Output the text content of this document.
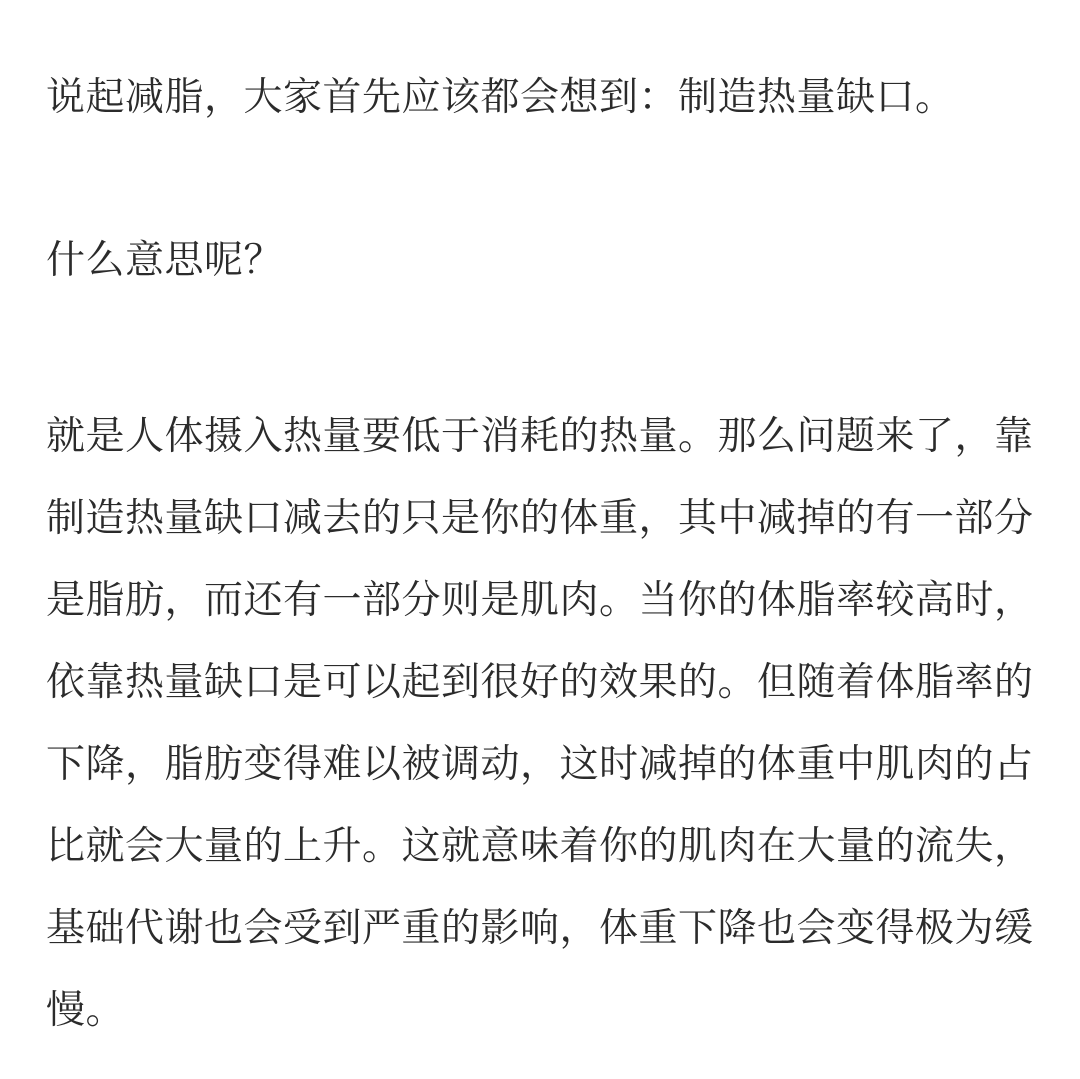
说起减脂，大家首先应该都会想到：制造热量缺口。

什么意思呢？

就是人体摄入热量要低于消耗的热量。那么问题来了，靠
制造热量缺口减去的只是你的体重，其中减掉的有一部分
是脂肪，而还有一部分则是肌肉。当你的体脂率较高时，
依靠热量缺口是可以起到很好的效果的。但随着体脂率的
下降，脂肪变得难以被调动，这时减掉的体重中肌肉的占
比就会大量的上升。这就意味着你的肌肉在大量的流失，
基础代谢也会受到严重的影响，体重下降也会变得极为缓
慢。
